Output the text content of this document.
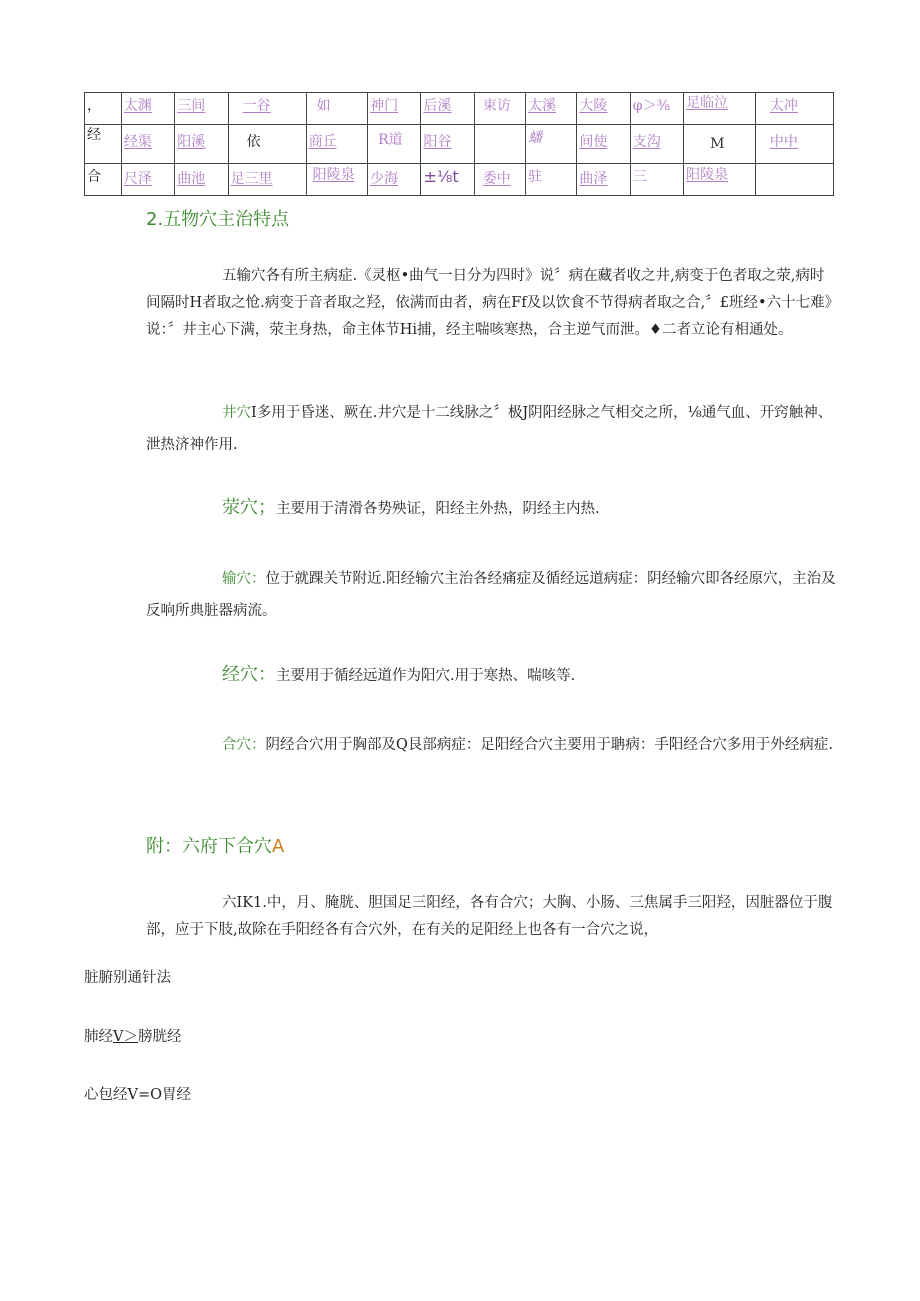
，	太渊	三间	一谷	如	神门	后溪	束访	太溪	大陵	φ＞⅜	足临泣	太冲
经	经渠	阳溪	依	商丘	R道	阳谷		蟠	间使	支沟	M	中中
合	尺泽	曲池	足三里	阳陵泉	少海	±⅛t	委中	驻	曲泽	三	阳陵泉	
2.五物穴主治特点
五输穴各有所主病症.《灵枢•曲气一日分为四时》说〞病在藏者收之井,病变于色者取之荥,病时间隔时H者取之怆.病变于音者取之羟，依满而由者，病在Ff及以饮食不节得病者取之合,〞£班经•六十七难》说：〞井主心下满，荥主身热，命主体节Hi捕，经主喘咳寒热，合主逆气而泄。♦二者立论有相通处。
井穴I多用于昏迷、厥在.井穴是十二线脉之〞极J阴阳经脉之气相交之所，⅛通气血、开窍触神、泄热济神作用.
荥穴；主要用于清滑各势殃证，阳经主外热，阴经主内热.
输穴：位于就踝关节附近.阳经输穴主治各经痛症及循经远道病症：阴经输穴即各经原穴，主治及反响所典脏器病流。
经穴：主要用于循经远道作为阳穴.用于寒热、喘咳等.
合穴：阴经合穴用于胸部及Q艮部病症：足阳经合穴主要用于聃病：手阳经合穴多用于外经病症.
附：六府下合穴A
六IK1.中，月、腌胱、胆国足三阳经，各有合穴；大胸、小肠、三焦属手三阳羟，因脏器位于腹部，应于下肢,故除在手阳经各有合穴外，在有关的足阳经上也各有一合穴之说，
脏腑别通针法
肺经V＞膀胱经
心包经V=O胃经
